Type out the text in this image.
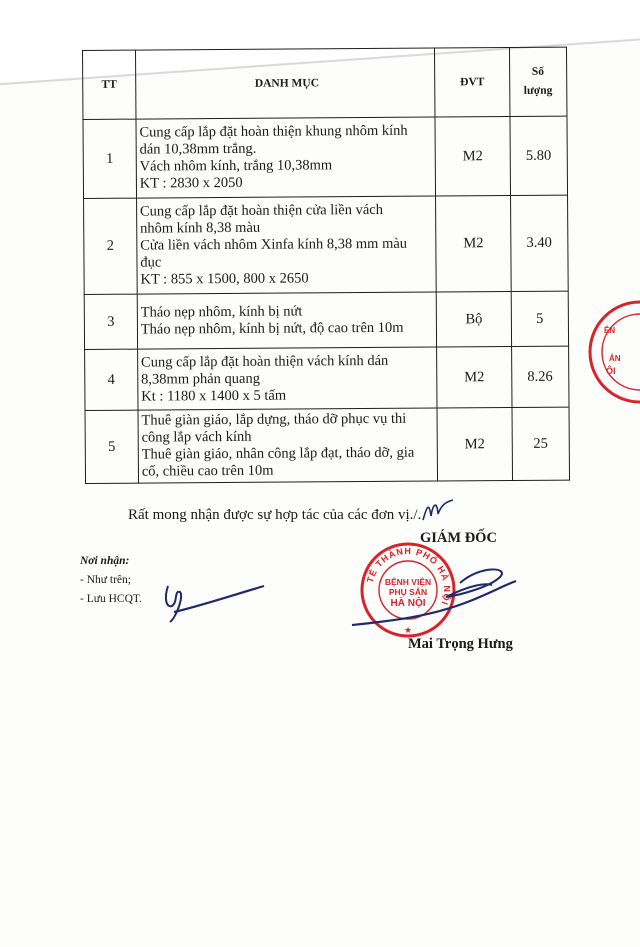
TT	DANH MỤC	ĐVT	Số
lượng

1	Cung cấp lắp đặt hoàn thiện khung nhôm kính
dán 10,38mm trắng.
Vách nhôm kính, trắng 10,38mm
KT : 2830 x 2050	M2	5.80
2	Cung cấp lắp đặt hoàn thiện cửa liền vách
nhôm kính 8,38 màu
Cửa liền vách nhôm Xinfa kính 8,38 mm màu
đục
KT : 855 x 1500, 800 x 2650	M2	3.40
3	Tháo nẹp nhôm, kính bị nứt
Tháo nẹp nhôm, kính bị nứt, độ cao trên 10m	Bộ	5
4	Cung cấp lắp đặt hoàn thiện vách kính dán
8,38mm phản quang
Kt : 1180 x 1400 x 5 tấm	M2	8.26
5	Thuê giàn giáo, lắp dựng, tháo dỡ phục vụ thi
công lắp vách kính
Thuê giàn giáo, nhân công lắp đạt, tháo dỡ, gia
cố, chiều cao trên 10m	M2	25
ỆN
ẢN
ỘI
Rất mong nhận được sự hợp tác của các đơn vị./.
GIÁM ĐỐC
TỀ THÀNH PHỐ HÀ NỘI
BỆNH VIỆN
PHỤ SẢN
HÀ NỘI
★
Mai Trọng Hưng
Nơi nhận:
- Như trên;
- Lưu HCQT.
